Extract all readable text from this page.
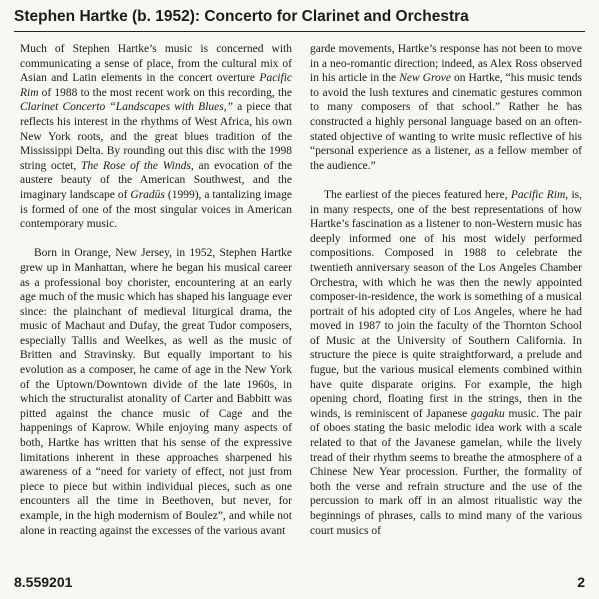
Stephen Hartke (b. 1952): Concerto for Clarinet and Orchestra

Much of Stephen Hartke’s music is concerned with communicating a sense of place, from the cultural mix of Asian and Latin elements in the concert overture Pacific Rim of 1988 to the most recent work on this recording, the Clarinet Concerto “Landscapes with Blues,” a piece that reflects his interest in the rhythms of West Africa, his own New York roots, and the great blues tradition of the Mississippi Delta. By rounding out this disc with the 1998 string octet, The Rose of the Winds, an evocation of the austere beauty of the American Southwest, and the imaginary landscape of Gradūs (1999), a tantalizing image is formed of one of the most singular voices in American contemporary music.

Born in Orange, New Jersey, in 1952, Stephen Hartke grew up in Manhattan, where he began his musical career as a professional boy chorister, encountering at an early age much of the music which has shaped his language ever since: the plainchant of medieval liturgical drama, the music of Machaut and Dufay, the great Tudor composers, especially Tallis and Weelkes, as well as the music of Britten and Stravinsky. But equally important to his evolution as a composer, he came of age in the New York of the Uptown/Downtown divide of the late 1960s, in which the structuralist atonality of Carter and Babbitt was pitted against the chance music of Cage and the happenings of Kaprow. While enjoying many aspects of both, Hartke has written that his sense of the expressive limitations inherent in these approaches sharpened his awareness of a “need for variety of effect, not just from piece to piece but within individual pieces, such as one encounters all the time in Beethoven, but never, for example, in the high modernism of Boulez”, and while not alone in reacting against the excesses of the various avant

garde movements, Hartke’s response has not been to move in a neo-romantic direction; indeed, as Alex Ross observed in his article in the New Grove on Hartke, “his music tends to avoid the lush textures and cinematic gestures common to many composers of that school.” Rather he has constructed a highly personal language based on an often-stated objective of wanting to write music reflective of his “personal experience as a listener, as a fellow member of the audience.”

The earliest of the pieces featured here, Pacific Rim, is, in many respects, one of the best representations of how Hartke’s fascination as a listener to non-Western music has deeply informed one of his most widely performed compositions. Composed in 1988 to celebrate the twentieth anniversary season of the Los Angeles Chamber Orchestra, with which he was then the newly appointed composer-in-residence, the work is something of a musical portrait of his adopted city of Los Angeles, where he had moved in 1987 to join the faculty of the Thornton School of Music at the University of Southern California. In structure the piece is quite straightforward, a prelude and fugue, but the various musical elements combined within have quite disparate origins. For example, the high opening chord, floating first in the strings, then in the winds, is reminiscent of Japanese gagaku music. The pair of oboes stating the basic melodic idea work with a scale related to that of the Javanese gamelan, while the lively tread of their rhythm seems to breathe the atmosphere of a Chinese New Year procession. Further, the formality of both the verse and refrain structure and the use of the percussion to mark off in an almost ritualistic way the beginnings of phrases, calls to mind many of the various court musics of

8.559201	2
